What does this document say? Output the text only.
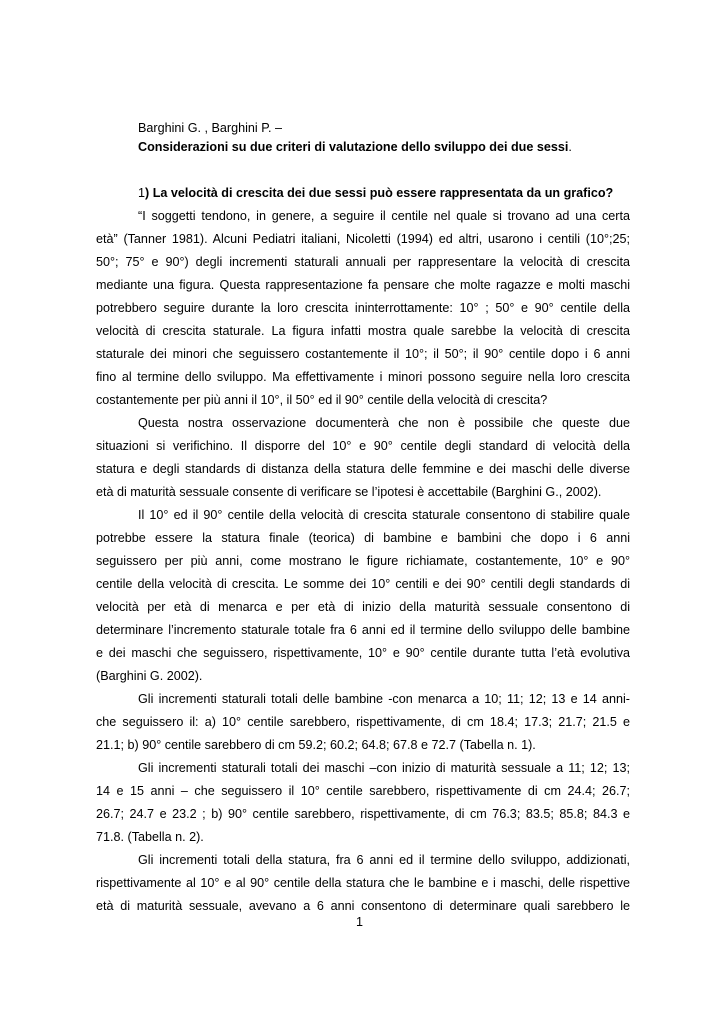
Barghini G. , Barghini P. –
Considerazioni su due criteri di valutazione dello sviluppo dei due sessi.
1) La velocità di crescita dei due sessi può essere rappresentata da un grafico?
“I soggetti tendono, in genere, a seguire il centile nel quale si trovano ad una certa
età” (Tanner 1981). Alcuni Pediatri italiani, Nicoletti (1994) ed altri, usarono i centili (10°;25;
50°; 75° e 90°) degli incrementi staturali annuali per rappresentare la velocità di crescita
mediante una figura. Questa rappresentazione fa pensare che molte ragazze e molti maschi
potrebbero seguire durante la loro crescita ininterrottamente: 10° ; 50° e 90° centile della
velocità di crescita staturale. La figura infatti mostra quale sarebbe la velocità di crescita
staturale dei minori che seguissero costantemente il 10°; il 50°; il 90° centile dopo i 6 anni
fino al termine dello sviluppo. Ma effettivamente i minori possono seguire nella loro crescita
costantemente per più anni il 10°, il 50° ed il 90° centile della velocità di crescita?
Questa nostra osservazione documenterà che non è possibile che queste due
situazioni si verifichino. Il disporre del 10° e 90° centile degli standard di velocità della
statura e degli standards di distanza della statura delle femmine e dei maschi delle diverse
età di maturità sessuale consente di verificare se l’ipotesi è accettabile (Barghini G., 2002).
Il 10° ed il 90° centile della velocità di crescita staturale consentono di stabilire quale
potrebbe essere la statura finale (teorica) di bambine e bambini che dopo i 6 anni
seguissero per più anni, come mostrano le figure richiamate, costantemente, 10° e 90°
centile della velocità di crescita. Le somme dei 10° centili e dei 90° centili degli standards di
velocità per età di menarca e per età di inizio della maturità sessuale consentono di
determinare l’incremento staturale totale fra 6 anni ed il termine dello sviluppo delle bambine
e dei maschi che seguissero, rispettivamente, 10° e 90° centile durante tutta l’età evolutiva
(Barghini G. 2002).
Gli incrementi staturali totali delle bambine -con menarca a 10; 11; 12; 13 e 14 anni-
che seguissero il: a) 10° centile sarebbero, rispettivamente, di cm 18.4; 17.3; 21.7; 21.5 e
21.1; b) 90° centile sarebbero di cm 59.2; 60.2; 64.8; 67.8 e 72.7 (Tabella n. 1).
Gli incrementi staturali totali dei maschi –con inizio di maturità sessuale a 11; 12; 13;
14 e 15 anni – che seguissero il 10° centile sarebbero, rispettivamente di cm 24.4; 26.7;
26.7; 24.7 e 23.2 ; b) 90° centile sarebbero, rispettivamente, di cm 76.3; 83.5; 85.8; 84.3 e
71.8. (Tabella n. 2).
Gli incrementi totali della statura, fra 6 anni ed il termine dello sviluppo, addizionati,
rispettivamente al 10° e al 90° centile della statura che le bambine e i maschi, delle rispettive
età di maturità sessuale, avevano a 6 anni consentono di determinare quali sarebbero le
1
